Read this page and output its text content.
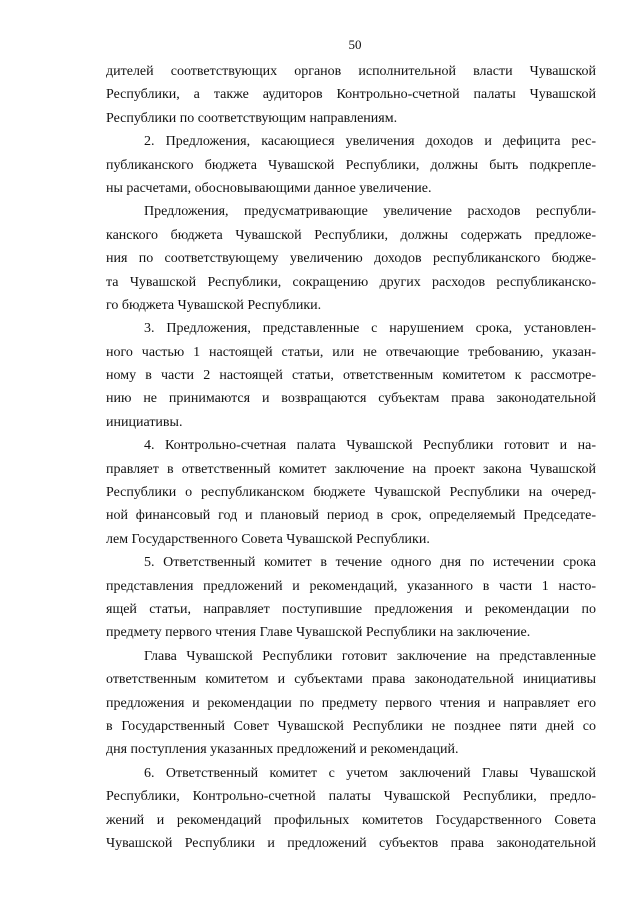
50
дителей соответствующих органов исполнительной власти Чувашской
Республики, а также аудиторов Контрольно-счетной палаты Чувашской
Республики по соответствующим направлениям.
2. Предложения, касающиеся увеличения доходов и дефицита рес-
публиканского бюджета Чувашской Республики, должны быть подкрепле-
ны расчетами, обосновывающими данное увеличение.
Предложения, предусматривающие увеличение расходов республи-
канского бюджета Чувашской Республики, должны содержать предложе-
ния по соответствующему увеличению доходов республиканского бюдже-
та Чувашской Республики, сокращению других расходов республиканско-
го бюджета Чувашской Республики.
3. Предложения, представленные с нарушением срока, установлен-
ного частью 1 настоящей статьи, или не отвечающие требованию, указан-
ному в части 2 настоящей статьи, ответственным комитетом к рассмотре-
нию не принимаются и возвращаются субъектам права законодательной
инициативы.
4. Контрольно-счетная палата Чувашской Республики готовит и на-
правляет в ответственный комитет заключение на проект закона Чувашской
Республики о республиканском бюджете Чувашской Республики на очеред-
ной финансовый год и плановый период в срок, определяемый Председате-
лем Государственного Совета Чувашской Республики.
5. Ответственный комитет в течение одного дня по истечении срока
представления предложений и рекомендаций, указанного в части 1 насто-
ящей статьи, направляет поступившие предложения и рекомендации по
предмету первого чтения Главе Чувашской Республики на заключение.
Глава Чувашской Республики готовит заключение на представленные
ответственным комитетом и субъектами права законодательной инициативы
предложения и рекомендации по предмету первого чтения и направляет его
в Государственный Совет Чувашской Республики не позднее пяти дней со
дня поступления указанных предложений и рекомендаций.
6. Ответственный комитет с учетом заключений Главы Чувашской
Республики, Контрольно-счетной палаты Чувашской Республики, предло-
жений и рекомендаций профильных комитетов Государственного Совета
Чувашской Республики и предложений субъектов права законодательной
